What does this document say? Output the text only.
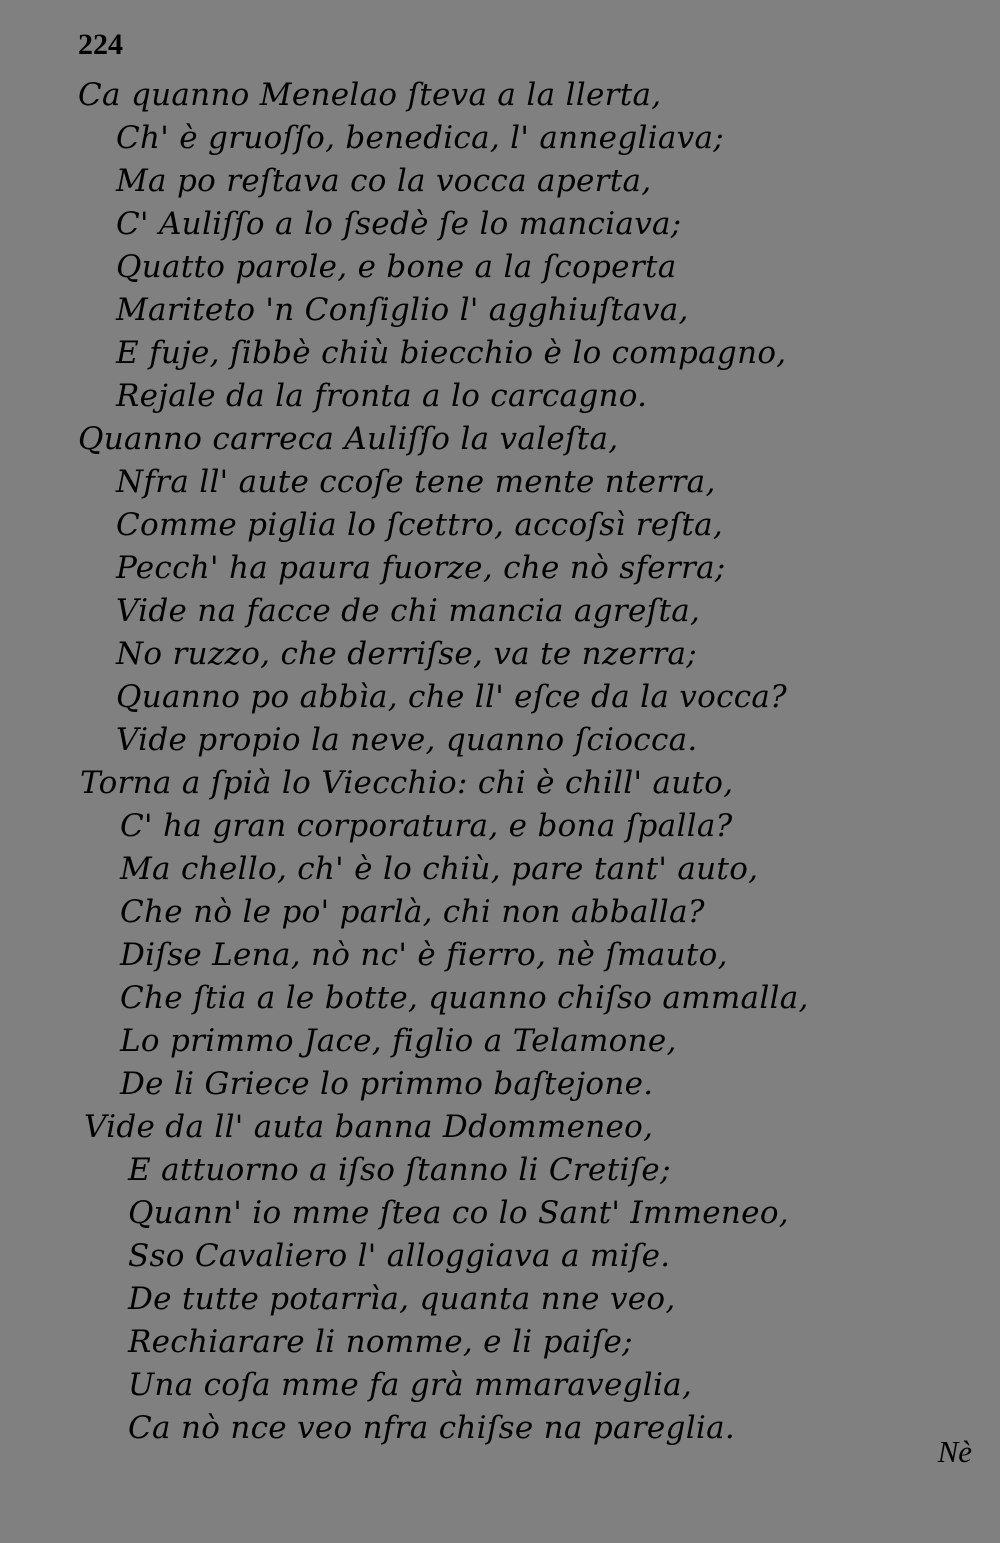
224
Ca quanno Menelao ſteva a la llerta,
Ch' è gruoſſo, benedica, l' annegliava;
Ma po reſtava co la vocca aperta,
C' Auliſſo a lo ſsedè ſe lo manciava;
Quatto parole, e bone a la ſcoperta
Mariteto 'n Conſiglio l' agghiuſtava,
E fuje, ſibbè chiù biecchio è lo compagno,
Rejale da la fronta a lo carcagno.
Quanno carreca Auliſſo la valeſta,
Nfra ll' aute ccoſe tene mente nterra,
Comme piglia lo ſcettro, accoſsì reſta,
Pecch' ha paura fuorze, che nò sferra;
Vide na facce de chi mancia agreſta,
No ruzzo, che derriſse, va te nzerra;
Quanno po abbìa, che ll' eſce da la vocca?
Vide propio la neve, quanno ſciocca.
Torna a ſpià lo Viecchio: chi è chill' auto,
C' ha gran corporatura, e bona ſpalla?
Ma chello, ch' è lo chiù, pare tant' auto,
Che nò le po' parlà, chi non abballa?
Diſse Lena, nò nc' è fierro, nè ſmauto,
Che ſtia a le botte, quanno chiſso ammalla,
Lo primmo Jace, figlio a Telamone,
De li Griece lo primmo baſtejone.
Vide da ll' auta banna Ddommeneo,
E attuorno a iſso ſtanno li Cretiſe;
Quann' io mme ſtea co lo Sant' Immeneo,
Sso Cavaliero l' alloggiava a miſe.
De tutte potarrìa, quanta nne veo,
Rechiarare li nomme, e li paiſe;
Una coſa mme fa grà mmaraveglia,
Ca nò nce veo nfra chiſse na pareglia.
Nè
